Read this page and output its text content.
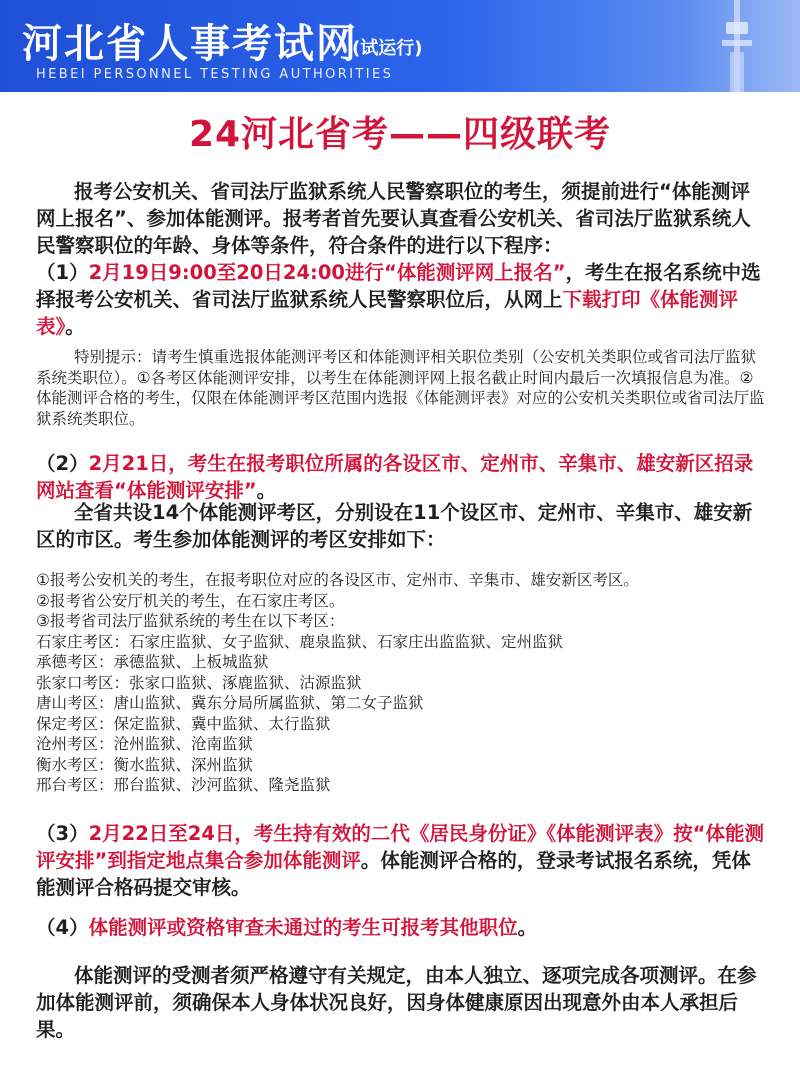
河北省人事考试网
(试运行)
HEBEI PERSONNEL TESTING AUTHORITIES
24河北省考——四级联考

报考公安机关、省司法厅监狱系统人民警察职位的考生，须提前进行“体能测评网上报名”、参加体能测评。报考者首先要认真查看公安机关、省司法厅监狱系统人民警察职位的年龄、身体等条件，符合条件的进行以下程序：

（1）2月19日9:00至20日24:00进行“体能测评网上报名”，考生在报名系统中选择报考公安机关、省司法厅监狱系统人民警察职位后，从网上下载打印《体能测评表》。

特别提示：请考生慎重选报体能测评考区和体能测评相关职位类别（公安机关类职位或省司法厅监狱系统类职位）。①各考区体能测评安排，以考生在体能测评网上报名截止时间内最后一次填报信息为准。②体能测评合格的考生，仅限在体能测评考区范围内选报《体能测评表》对应的公安机关类职位或省司法厅监狱系统类职位。

（2）2月21日，考生在报考职位所属的各设区市、定州市、辛集市、雄安新区招录网站查看“体能测评安排”。

全省共设14个体能测评考区，分别设在11个设区市、定州市、辛集市、雄安新区的市区。考生参加体能测评的考区安排如下：

①报考公安机关的考生，在报考职位对应的各设区市、定州市、辛集市、雄安新区考区。
②报考省公安厅机关的考生，在石家庄考区。
③报考省司法厅监狱系统的考生在以下考区：
石家庄考区：石家庄监狱、女子监狱、鹿泉监狱、石家庄出监监狱、定州监狱
承德考区：承德监狱、上板城监狱
张家口考区：张家口监狱、涿鹿监狱、沽源监狱
唐山考区：唐山监狱、冀东分局所属监狱、第二女子监狱
保定考区：保定监狱、冀中监狱、太行监狱
沧州考区：沧州监狱、沧南监狱
衡水考区：衡水监狱、深州监狱
邢台考区：邢台监狱、沙河监狱、隆尧监狱

（3）2月22日至24日，考生持有效的二代《居民身份证》《体能测评表》按“体能测评安排”到指定地点集合参加体能测评。体能测评合格的，登录考试报名系统，凭体能测评合格码提交审核。

（4）体能测评或资格审查未通过的考生可报考其他职位。

体能测评的受测者须严格遵守有关规定，由本人独立、逐项完成各项测评。在参加体能测评前，须确保本人身体状况良好，因身体健康原因出现意外由本人承担后果。
